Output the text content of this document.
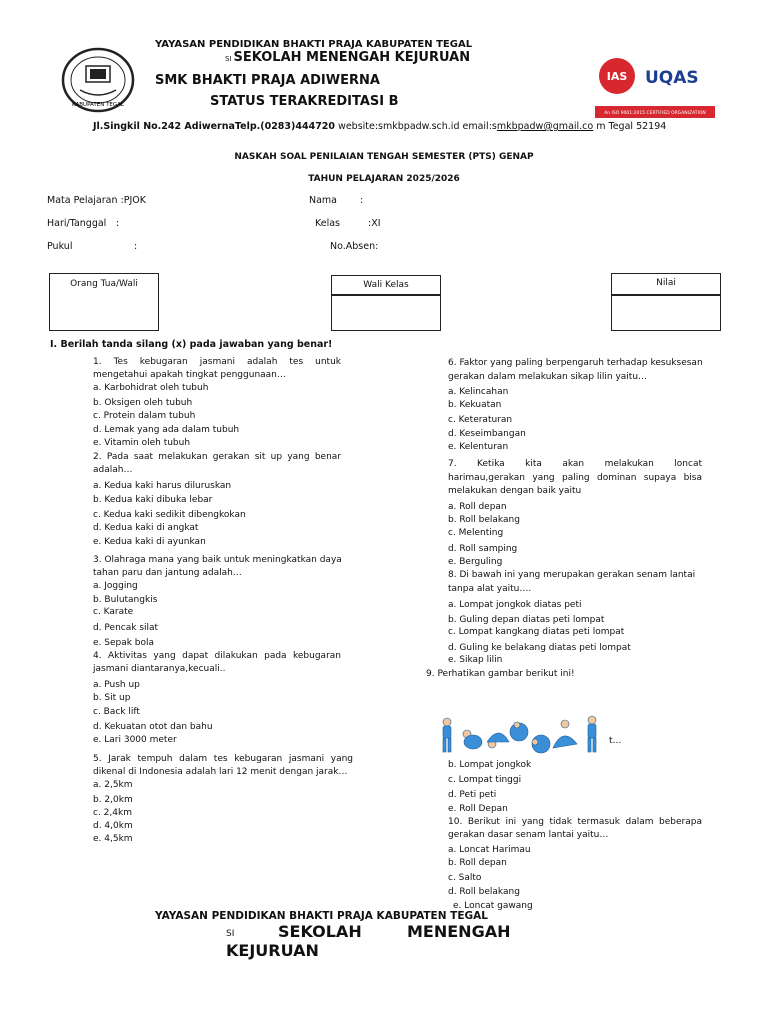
YAYASAN PENDIDIKAN BHAKTI PRAJA KABUPATEN TEGAL
SI SEKOLAH MENENGAH KEJURUAN
SMK BHAKTI PRAJA ADIWERNA
STATUS TERAKREDITASI B
KABUPATEN TEGAL
IAS UQAS
An ISO 9001:2015 CERTIFIED ORGANIZATION
Jl.Singkil No.242 AdiwernaTelp.(0283)444720 website:smkbpadw.sch.id email:smkbpadw@gmail.co m Tegal 52194
NASKAH SOAL PENILAIAN TENGAH SEMESTER (PTS) GENAP
TAHUN PELAJARAN 2025/2026
Mata Pelajaran :PJOK	Nama :
Hari/Tanggal :	Kelas	:XI
Pukul	:	No.Absen:
Orang Tua/Wali	Wali Kelas	Nilai
I. Berilah tanda silang (x) pada jawaban yang benar!
1. Tes kebugaran jasmani adalah tes untuk
mengetahui apakah tingkat penggunaan…
a. Karbohidrat oleh tubuh
b. Oksigen oleh tubuh
c. Protein dalam tubuh
d. Lemak yang ada dalam tubuh
e. Vitamin oleh tubuh
2. Pada saat melakukan gerakan sit up yang benar
adalah…
a. Kedua kaki harus diluruskan
b. Kedua kaki dibuka lebar
c. Kedua kaki sedikit dibengkokan
d. Kedua kaki di angkat
e. Kedua kaki di ayunkan
3. Olahraga mana yang baik untuk meningkatkan daya
tahan paru dan jantung adalah…
a. Jogging
b. Bulutangkis
c. Karate
d. Pencak silat
e. Sepak bola
4. Aktivitas yang dapat dilakukan pada kebugaran
jasmani diantaranya,kecuali..
a. Push up
b. Sit up
c. Back lift
d. Kekuatan otot dan bahu
e. Lari 3000 meter
5. Jarak tempuh dalam tes kebugaran jasmani yang
dikenal di Indonesia adalah lari 12 menit dengan jarak…
a. 2,5km
b. 2,0km
c. 2,4km
d. 4,0km
e. 4,5km
6. Faktor yang paling berpengaruh terhadap kesuksesan
gerakan dalam melakukan sikap lilin yaitu…
a. Kelincahan
b. Kekuatan
c. Keteraturan
d. Keseimbangan
e. Kelenturan
7. Ketika kita akan melakukan loncat
harimau,gerakan yang paling dominan supaya bisa
melakukan dengan baik yaitu
a. Roll depan
b. Roll belakang
c. Melenting
d. Roll samping
e. Berguling
8. Di bawah ini yang merupakan gerakan senam lantai
tanpa alat yaitu….
a. Lompat jongkok diatas peti
b. Guling depan diatas peti lompat
c. Lompat kangkang diatas peti lompat
d. Guling ke belakang diatas peti lompat
e. Sikap lilin
9. Perhatikan gambar berikut ini!
t…
b. Lompat jongkok
c. Lompat tinggi
d. Peti peti
e. Roll Depan
10. Berikut ini yang tidak termasuk dalam beberapa
gerakan dasar senam lantai yaitu…
a. Loncat Harimau
b. Roll depan
c. Salto
d. Roll belakang
e. Loncat gawang
YAYASAN PENDIDIKAN BHAKTI PRAJA KABUPATEN TEGAL
SI	SEKOLAH	MENENGAH
KEJURUAN
